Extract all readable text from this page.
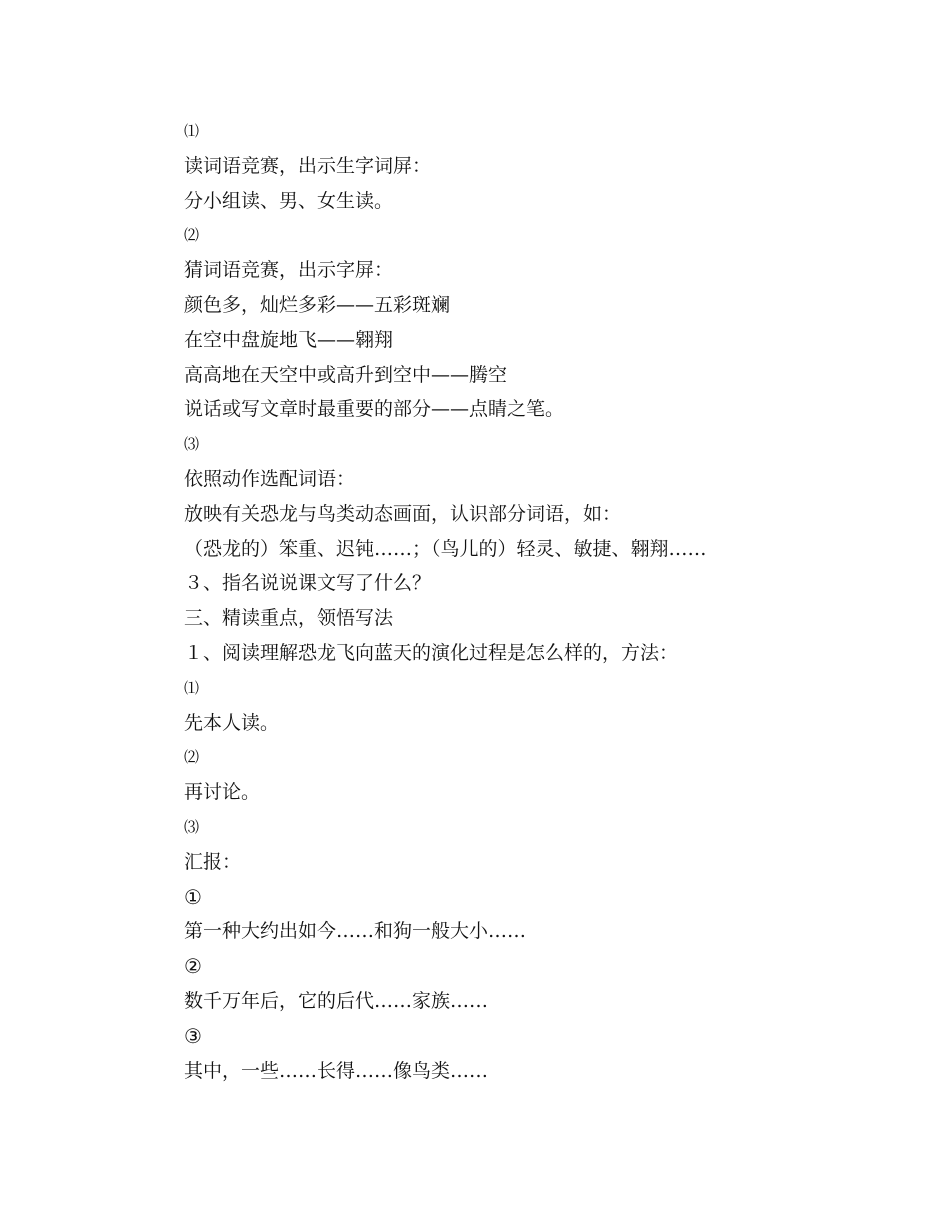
⑴
读词语竞赛，出示生字词屏：
分小组读、男、女生读。
⑵
猜词语竞赛，出示字屏：
颜色多，灿烂多彩——五彩斑斓
在空中盘旋地飞——翱翔
高高地在天空中或高升到空中——腾空
说话或写文章时最重要的部分——点睛之笔。
⑶
依照动作选配词语：
放映有关恐龙与鸟类动态画面，认识部分词语，如：
（恐龙的）笨重、迟钝……；（鸟儿的）轻灵、敏捷、翱翔……
３、指名说说课文写了什么？
三、精读重点，领悟写法
１、阅读理解恐龙飞向蓝天的演化过程是怎么样的，方法：
⑴
先本人读。
⑵
再讨论。
⑶
汇报：
①
第一种大约出如今……和狗一般大小……
②
数千万年后，它的后代……家族……
③
其中，一些……长得……像鸟类……
